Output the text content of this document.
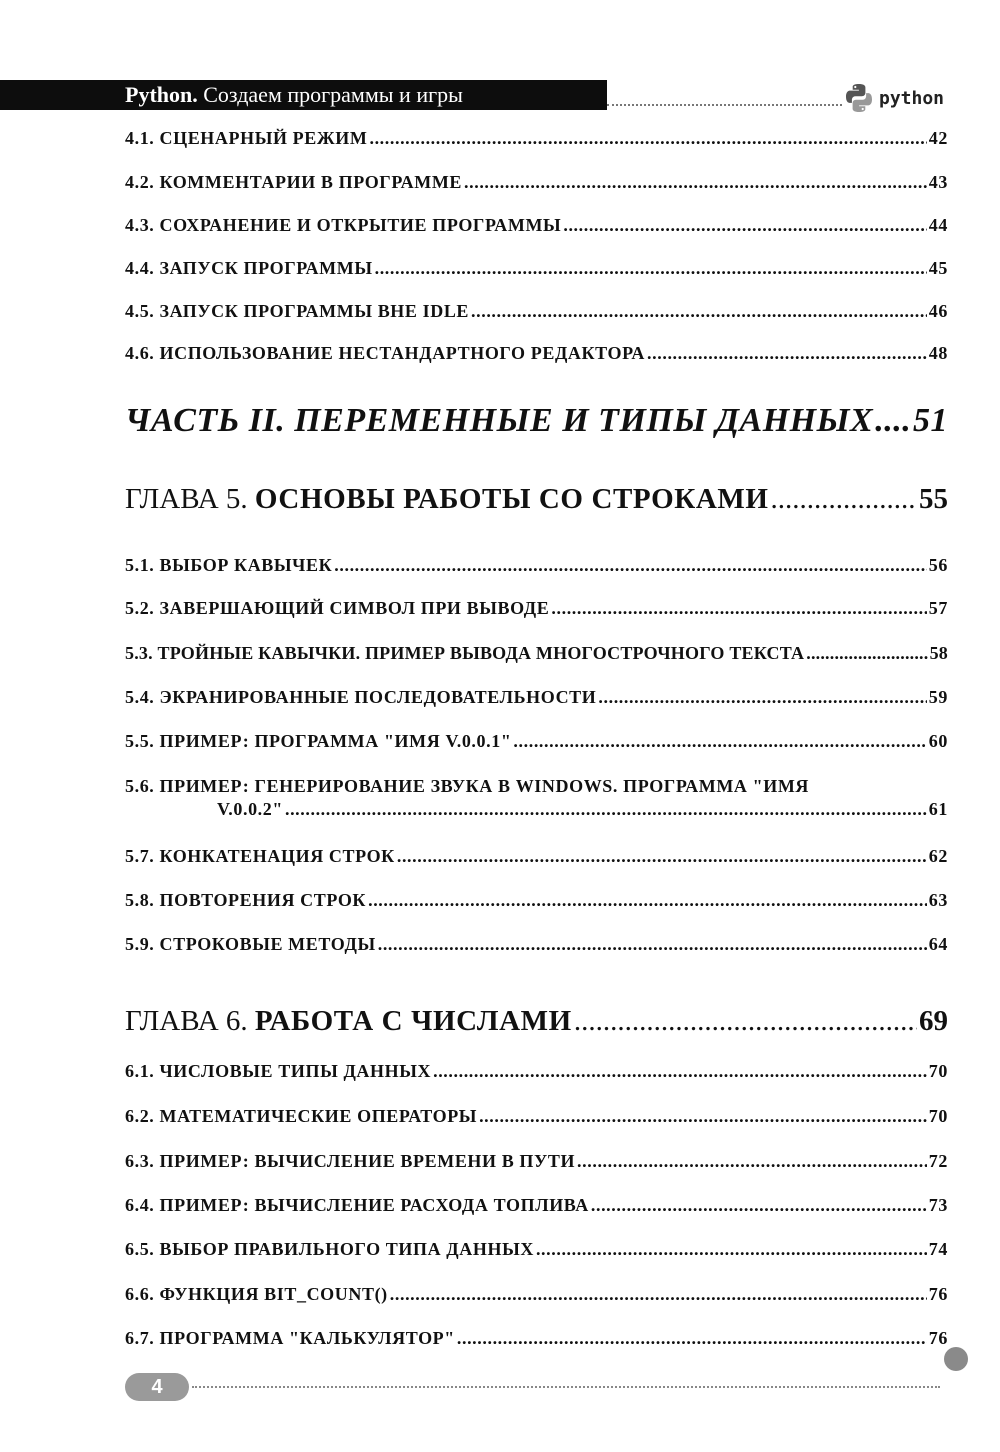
Python. Создаем программы и игры	python
4.1. СЦЕНАРНЫЙ РЕЖИМ .....	42
4.2. КОММЕНТАРИИ В ПРОГРАММЕ .....	43
4.3. СОХРАНЕНИЕ И ОТКРЫТИЕ ПРОГРАММЫ .....	44
4.4. ЗАПУСК ПРОГРАММЫ .....	45
4.5. ЗАПУСК ПРОГРАММЫ ВНЕ IDLE .....	46
4.6. ИСПОЛЬЗОВАНИЕ НЕСТАНДАРТНОГО РЕДАКТОРА .....	48
ЧАСТЬ II. ПЕРЕМЕННЫЕ И ТИПЫ ДАННЫХ ..... 51
ГЛАВА 5. ОСНОВЫ РАБОТЫ СО СТРОКАМИ .....	55
5.1. ВЫБОР КАВЫЧЕК .....	56
5.2. ЗАВЕРШАЮЩИЙ СИМВОЛ ПРИ ВЫВОДЕ .....	57
5.3. ТРОЙНЫЕ КАВЫЧКИ. ПРИМЕР ВЫВОДА МНОГОСТРОЧНОГО ТЕКСТА .....	58
5.4. ЭКРАНИРОВАННЫЕ ПОСЛЕДОВАТЕЛЬНОСТИ .....	59
5.5. ПРИМЕР: ПРОГРАММА "ИМЯ V.0.0.1" .....	60
5.6. ПРИМЕР: ГЕНЕРИРОВАНИЕ ЗВУКА В WINDOWS. ПРОГРАММА "ИМЯ
V.0.0.2" .....	61
5.7. КОНКАТЕНАЦИЯ СТРОК .....	62
5.8. ПОВТОРЕНИЯ СТРОК .....	63
5.9. СТРОКОВЫЕ МЕТОДЫ .....	64
ГЛАВА 6. РАБОТА С ЧИСЛАМИ .....	69
6.1. ЧИСЛОВЫЕ ТИПЫ ДАННЫХ .....	70
6.2. МАТЕМАТИЧЕСКИЕ ОПЕРАТОРЫ .....	70
6.3. ПРИМЕР: ВЫЧИСЛЕНИЕ ВРЕМЕНИ В ПУТИ .....	72
6.4. ПРИМЕР: ВЫЧИСЛЕНИЕ РАСХОДА ТОПЛИВА .....	73
6.5. ВЫБОР ПРАВИЛЬНОГО ТИПА ДАННЫХ .....	74
6.6. ФУНКЦИЯ BIT_COUNT() .....	76
6.7. ПРОГРАММА "КАЛЬКУЛЯТОР" .....	76
4
